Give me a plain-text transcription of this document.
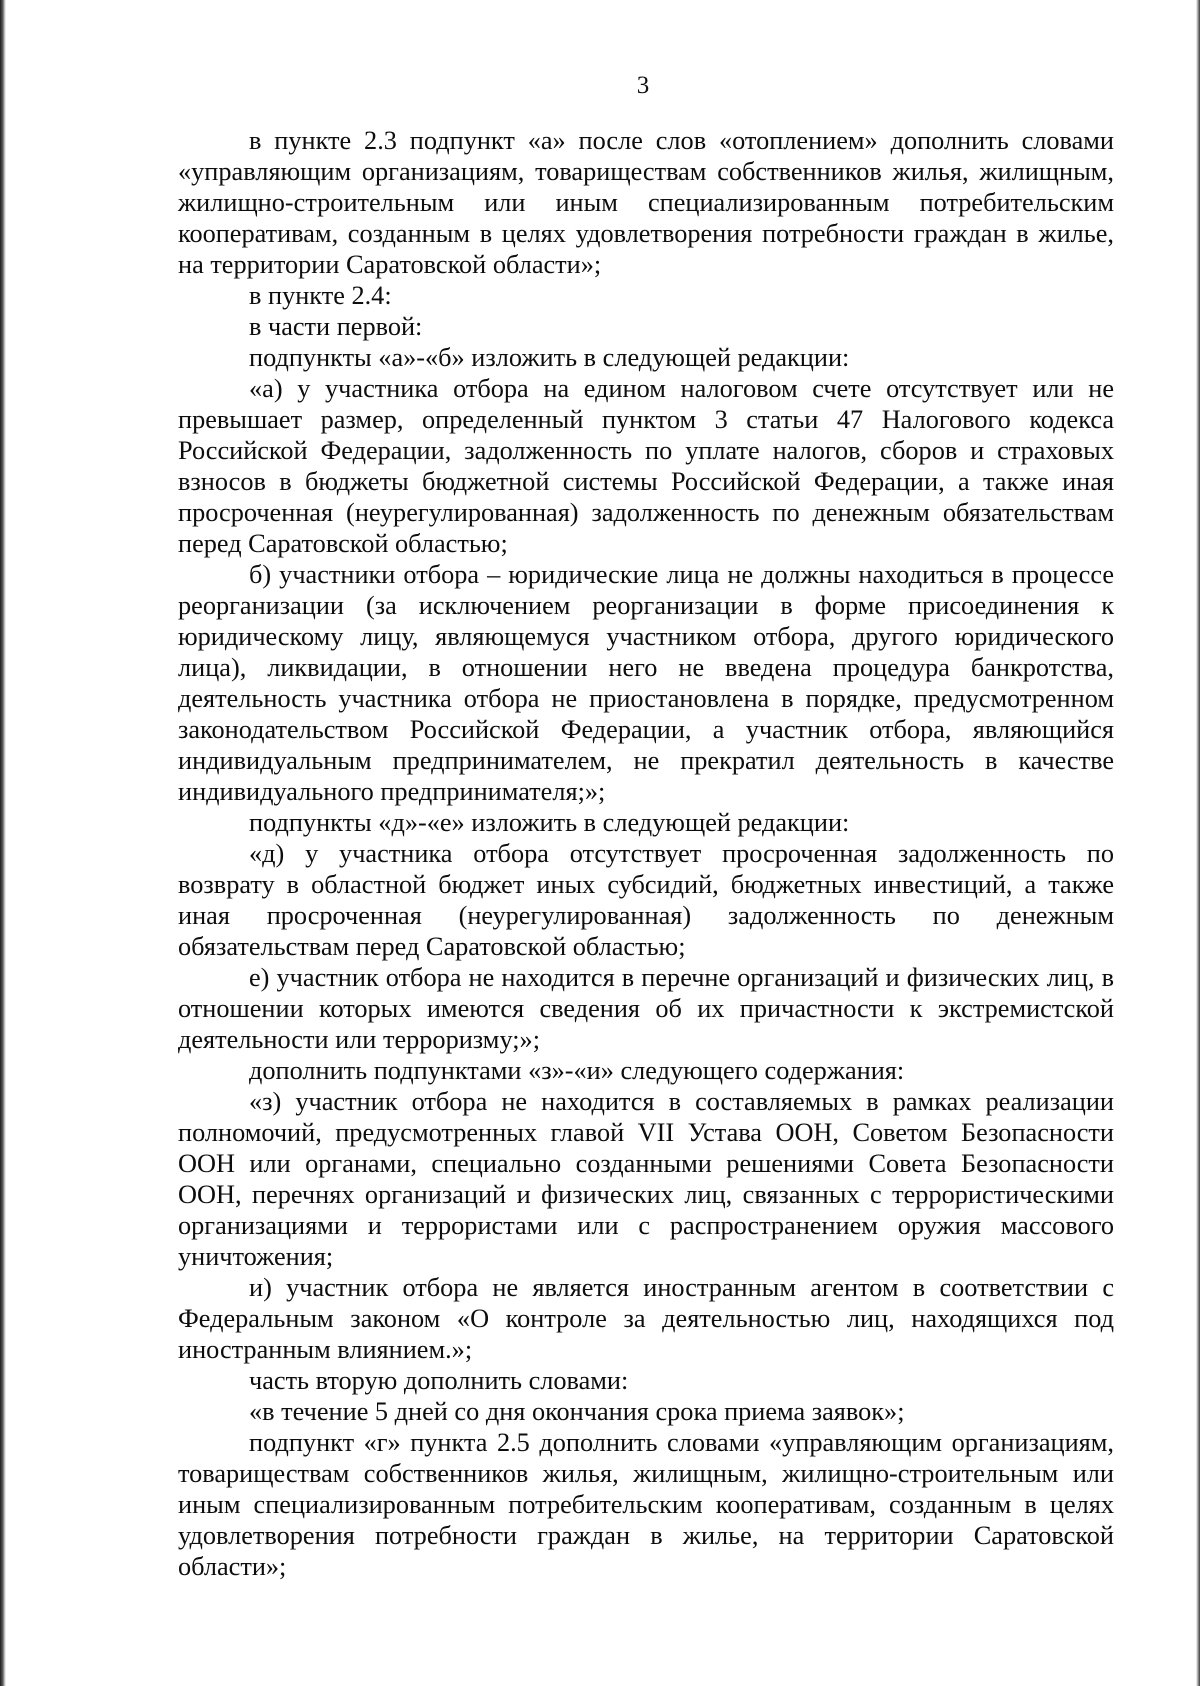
3

в пункте 2.3 подпункт «а» после слов «отоплением» дополнить словами «управляющим организациям, товариществам собственников жилья, жилищным, жилищно-строительным или иным специализированным потребительским кооперативам, созданным в целях удовлетворения потребности граждан в жилье, на территории Саратовской области»;

в пункте 2.4:

в части первой:

подпункты «а»-«б» изложить в следующей редакции:

«а) у участника отбора на едином налоговом счете отсутствует или не превышает размер, определенный пунктом 3 статьи 47 Налогового кодекса Российской Федерации, задолженность по уплате налогов, сборов и страховых взносов в бюджеты бюджетной системы Российской Федерации, а также иная просроченная (неурегулированная) задолженность по денежным обязательствам перед Саратовской областью;

б) участники отбора – юридические лица не должны находиться в процессе реорганизации (за исключением реорганизации в форме присоединения к юридическому лицу, являющемуся участником отбора, другого юридического лица), ликвидации, в отношении него не введена процедура банкротства, деятельность участника отбора не приостановлена в порядке, предусмотренном законодательством Российской Федерации, а участник отбора, являющийся индивидуальным предпринимателем, не прекратил деятельность в качестве индивидуального предпринимателя;»;

подпункты «д»-«е» изложить в следующей редакции:

«д) у участника отбора отсутствует просроченная задолженность по возврату в областной бюджет иных субсидий, бюджетных инвестиций, а также иная просроченная (неурегулированная) задолженность по денежным обязательствам перед Саратовской областью;

е) участник отбора не находится в перечне организаций и физических лиц, в отношении которых имеются сведения об их причастности к экстремистской деятельности или терроризму;»;

дополнить подпунктами «з»-«и» следующего содержания:

«з) участник отбора не находится в составляемых в рамках реализации полномочий, предусмотренных главой VII Устава ООН, Советом Безопасности ООН или органами, специально созданными решениями Совета Безопасности ООН, перечнях организаций и физических лиц, связанных с террористическими организациями и террористами или с распространением оружия массового уничтожения;

и) участник отбора не является иностранным агентом в соответствии с Федеральным законом «О контроле за деятельностью лиц, находящихся под иностранным влиянием.»;

часть вторую дополнить словами:

«в течение 5 дней со дня окончания срока приема заявок»;

подпункт «г» пункта 2.5 дополнить словами «управляющим организациям, товариществам собственников жилья, жилищным, жилищно-строительным или иным специализированным потребительским кооперативам, созданным в целях удовлетворения потребности граждан в жилье, на территории Саратовской области»;
